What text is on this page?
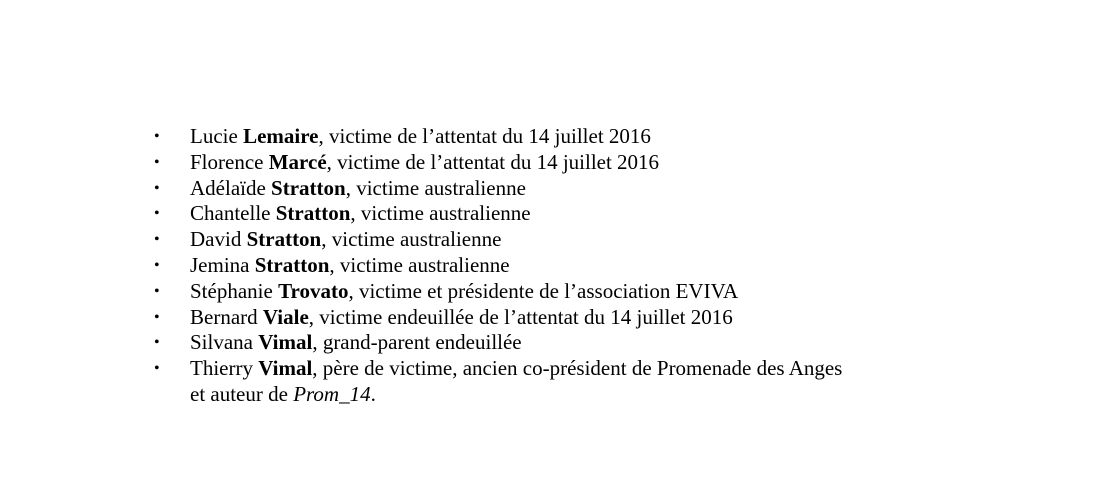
• Lucie Lemaire, victime de l’attentat du 14 juillet 2016
• Florence Marcé, victime de l’attentat du 14 juillet 2016
• Adélaïde Stratton, victime australienne
• Chantelle Stratton, victime australienne
• David Stratton, victime australienne
• Jemina Stratton, victime australienne
• Stéphanie Trovato, victime et présidente de l’association EVIVA
• Bernard Viale, victime endeuillée de l’attentat du 14 juillet 2016
• Silvana Vimal, grand-parent endeuillée
• Thierry Vimal, père de victime, ancien co-président de Promenade des Anges
et auteur de Prom_14.
